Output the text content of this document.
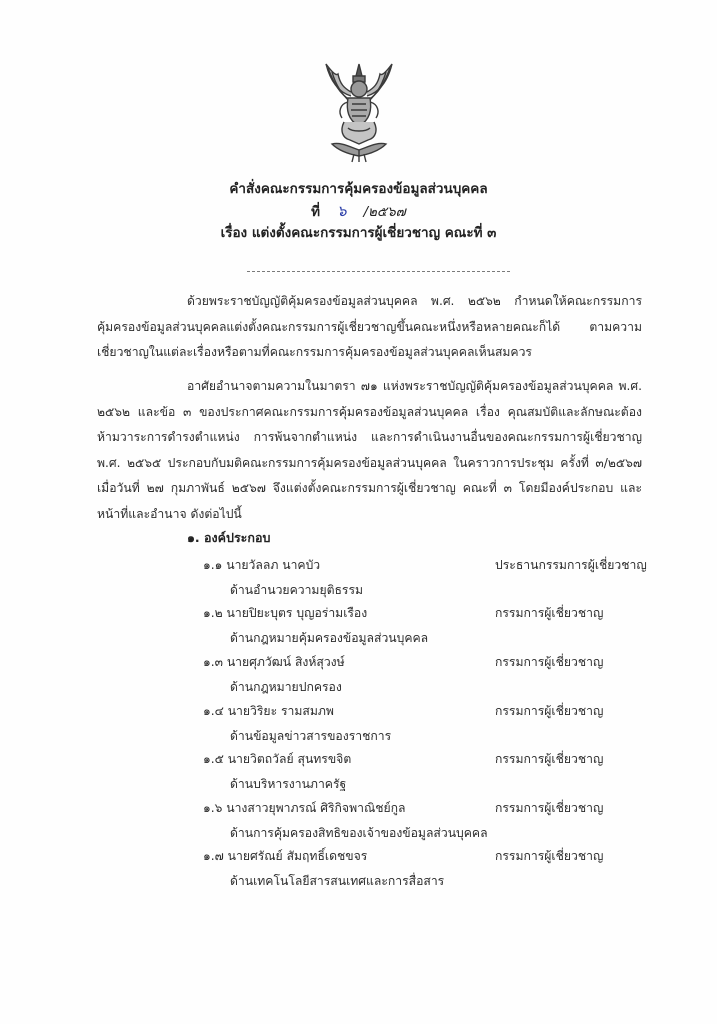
คำสั่งคณะกรรมการคุ้มครองข้อมูลส่วนบุคคล
ที่ ๖ /๒๕๖๗
เรื่อง แต่งตั้งคณะกรรมการผู้เชี่ยวชาญ คณะที่ ๓
ด้วยพระราชบัญญัติคุ้มครองข้อมูลส่วนบุคคล พ.ศ. ๒๕๖๒ กำหนดให้คณะกรรมการคุ้มครองข้อมูลส่วนบุคคลแต่งตั้งคณะกรรมการผู้เชี่ยวชาญขึ้นคณะหนึ่งหรือหลายคณะก็ได้ ตามความเชี่ยวชาญในแต่ละเรื่องหรือตามที่คณะกรรมการคุ้มครองข้อมูลส่วนบุคคลเห็นสมควร
อาศัยอำนาจตามความในมาตรา ๗๑ แห่งพระราชบัญญัติคุ้มครองข้อมูลส่วนบุคคล พ.ศ. ๒๕๖๒ และข้อ ๓ ของประกาศคณะกรรมการคุ้มครองข้อมูลส่วนบุคคล เรื่อง คุณสมบัติและลักษณะต้องห้ามวาระการดำรงตำแหน่ง การพ้นจากตำแหน่ง และการดำเนินงานอื่นของคณะกรรมการผู้เชี่ยวชาญ พ.ศ. ๒๕๖๕ ประกอบกับมติคณะกรรมการคุ้มครองข้อมูลส่วนบุคคล ในคราวการประชุม ครั้งที่ ๓/๒๕๖๗ เมื่อวันที่ ๒๗ กุมภาพันธ์ ๒๕๖๗ จึงแต่งตั้งคณะกรรมการผู้เชี่ยวชาญ คณะที่ ๓ โดยมีองค์ประกอบ และหน้าที่และอำนาจ ดังต่อไปนี้
๑. องค์ประกอบ
๑.๑ นายวัลลภ นาคบัว	ประธานกรรมการผู้เชี่ยวชาญ
ด้านอำนวยความยุติธรรม
๑.๒ นายปิยะบุตร บุญอร่ามเรือง	กรรมการผู้เชี่ยวชาญ
ด้านกฎหมายคุ้มครองข้อมูลส่วนบุคคล
๑.๓ นายศุภวัฒน์ สิงห์สุวงษ์	กรรมการผู้เชี่ยวชาญ
ด้านกฎหมายปกครอง
๑.๔ นายวิริยะ รามสมภพ	กรรมการผู้เชี่ยวชาญ
ด้านข้อมูลข่าวสารของราชการ
๑.๕ นายวิตถวัลย์ สุนทรขจิต	กรรมการผู้เชี่ยวชาญ
ด้านบริหารงานภาครัฐ
๑.๖ นางสาวยุพาภรณ์ ศิริกิจพาณิชย์กูล	กรรมการผู้เชี่ยวชาญ
ด้านการคุ้มครองสิทธิของเจ้าของข้อมูลส่วนบุคคล
๑.๗ นายศรัณย์ สัมฤทธิ์เดชขจร	กรรมการผู้เชี่ยวชาญ
ด้านเทคโนโลยีสารสนเทศและการสื่อสาร
